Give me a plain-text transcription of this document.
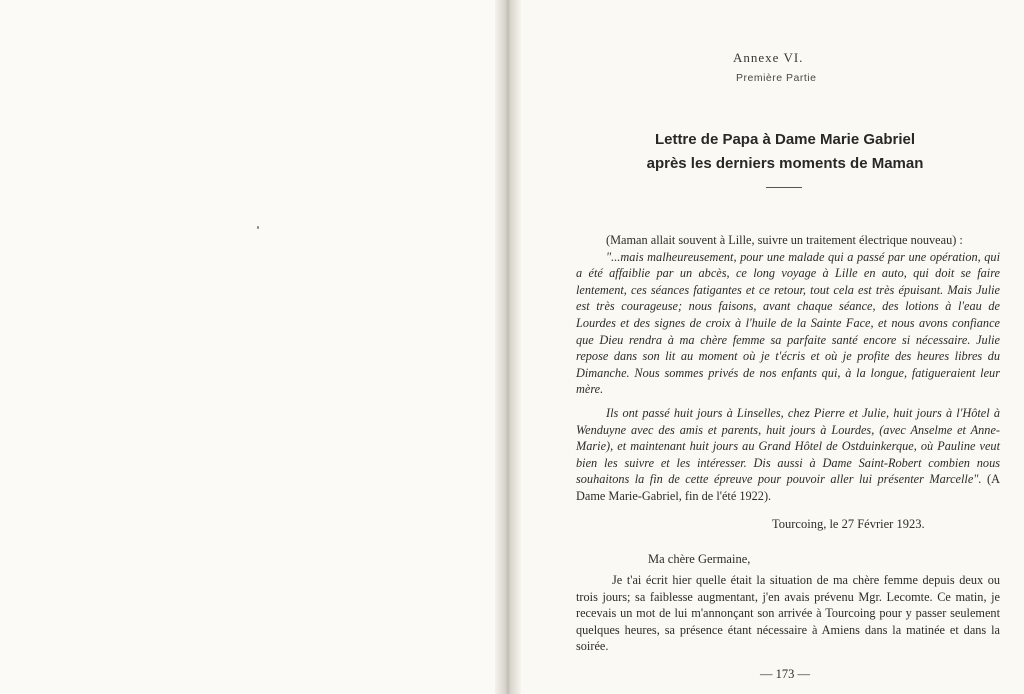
Annexe VI.
Première Partie
Lettre de Papa à Dame Marie Gabriel
après les derniers moments de Maman

(Maman allait souvent à Lille, suivre un traitement électrique nouveau) :

"...mais malheureusement, pour une malade qui a passé par une opération, qui a été affaiblie par un abcès, ce long voyage à Lille en auto, qui doit se faire lentement, ces séances fatigantes et ce retour, tout cela est très épuisant. Mais Julie est très courageuse; nous faisons, avant chaque séance, des lotions à l'eau de Lourdes et des signes de croix à l'huile de la Sainte Face, et nous avons confiance que Dieu rendra à ma chère femme sa parfaite santé encore si nécessaire. Julie repose dans son lit au moment où je t'écris et où je profite des heures libres du Dimanche. Nous sommes privés de nos enfants qui, à la longue, fatigueraient leur mère.

Ils ont passé huit jours à Linselles, chez Pierre et Julie, huit jours à l'Hôtel à Wenduyne avec des amis et parents, huit jours à Lourdes, (avec Anselme et Anne-Marie), et maintenant huit jours au Grand Hôtel de Ostduinkerque, où Pauline veut bien les suivre et les intéresser. Dis aussi à Dame Saint-Robert combien nous souhaitons la fin de cette épreuve pour pouvoir aller lui présenter Marcelle". (A Dame Marie-Gabriel, fin de l'été 1922).

Tourcoing, le 27 Février 1923.
Ma chère Germaine,

Je t'ai écrit hier quelle était la situation de ma chère femme depuis deux ou trois jours; sa faiblesse augmentant, j'en avais prévenu Mgr. Lecomte. Ce matin, je recevais un mot de lui m'annonçant son arrivée à Tourcoing pour y passer seulement quelques heures, sa présence étant nécessaire à Amiens dans la matinée et dans la soirée.

— 173 —
